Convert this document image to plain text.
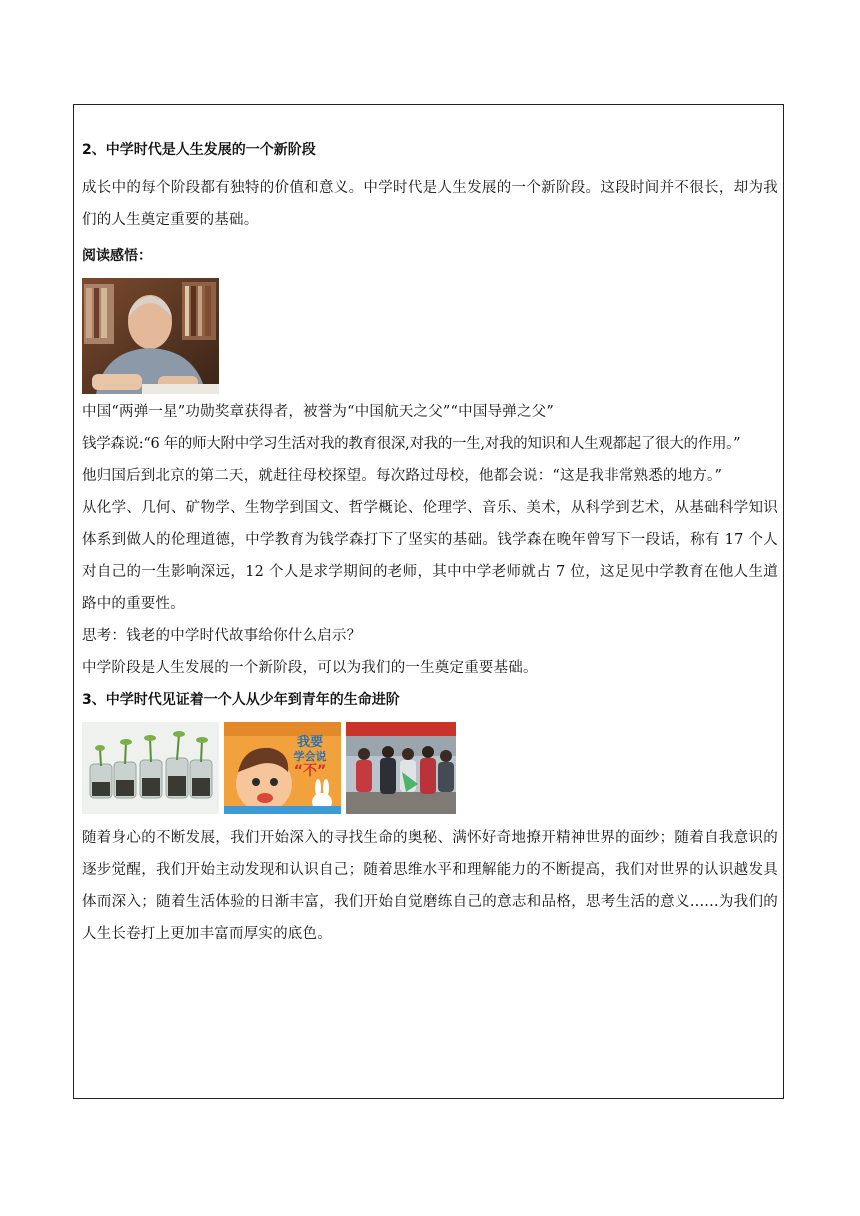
2、中学时代是人生发展的一个新阶段

成长中的每个阶段都有独特的价值和意义。中学时代是人生发展的一个新阶段。这段时间并不很长，却为我们的人生奠定重要的基础。

阅读感悟：

中国“两弹一星”功勋奖章获得者，被誉为“中国航天之父”“中国导弹之父”

钱学森说:“6 年的师大附中学习生活对我的教育很深,对我的一生,对我的知识和人生观都起了很大的作用。”

他归国后到北京的第二天，就赶往母校探望。每次路过母校，他都会说：“这是我非常熟悉的地方。”

从化学、几何、矿物学、生物学到国文、哲学概论、伦理学、音乐、美术，从科学到艺术，从基础科学知识体系到做人的伦理道德，中学教育为钱学森打下了坚实的基础。钱学森在晚年曾写下一段话，称有 17 个人对自己的一生影响深远，12 个人是求学期间的老师，其中中学老师就占 7 位，这足见中学教育在他人生道路中的重要性。

思考：钱老的中学时代故事给你什么启示？

中学阶段是人生发展的一个新阶段，可以为我们的一生奠定重要基础。

3、中学时代见证着一个人从少年到青年的生命进阶
我要
学会说
“不”

随着身心的不断发展，我们开始深入的寻找生命的奥秘、满怀好奇地撩开精神世界的面纱；随着自我意识的逐步觉醒，我们开始主动发现和认识自己；随着思维水平和理解能力的不断提高，我们对世界的认识越发具体而深入；随着生活体验的日渐丰富，我们开始自觉磨练自己的意志和品格，思考生活的意义......为我们的人生长卷打上更加丰富而厚实的底色。
